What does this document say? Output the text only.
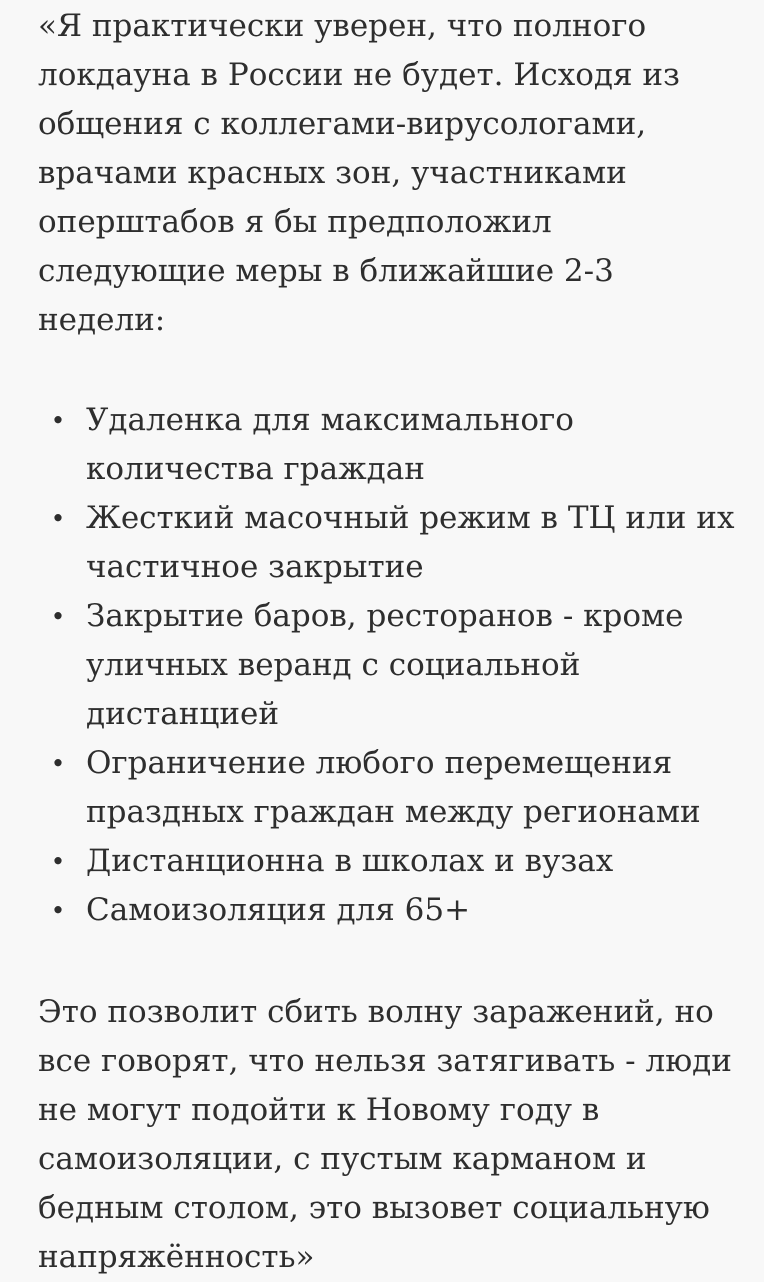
«Я практически уверен, что полного
локдауна в России не будет. Исходя из
общения с коллегами-вирусологами,
врачами красных зон, участниками
оперштабов я бы предположил
следующие меры в ближайшие 2-3
недели:

• Удаленка для максимального
количества граждан
• Жесткий масочный режим в ТЦ или их
частичное закрытие
• Закрытие баров, ресторанов - кроме
уличных веранд с социальной
дистанцией
• Ограничение любого перемещения
праздных граждан между регионами
• Дистанционна в школах и вузах
• Самоизоляция для 65+

Это позволит сбить волну заражений, но
все говорят, что нельзя затягивать - люди
не могут подойти к Новому году в
самоизоляции, с пустым карманом и
бедным столом, это вызовет социальную
напряжённость»
